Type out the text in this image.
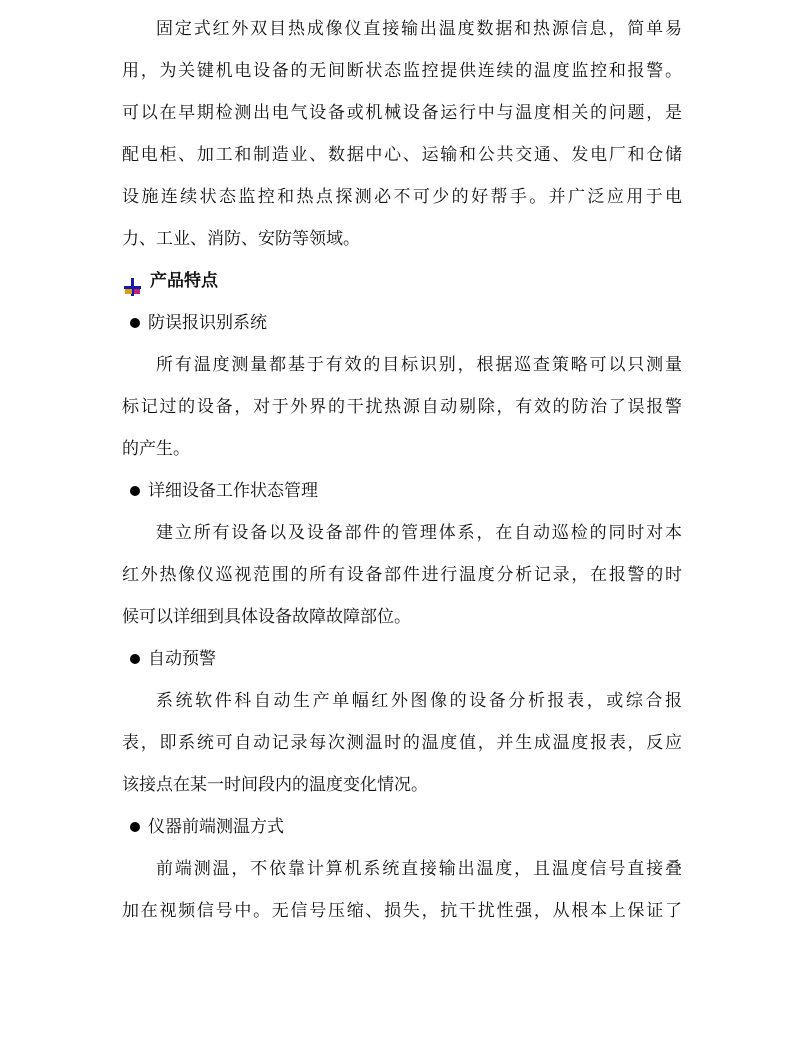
固定式红外双目热成像仪直接输出温度数据和热源信息，简单易
用，为关键机电设备的无间断状态监控提供连续的温度监控和报警。
可以在早期检测出电气设备或机械设备运行中与温度相关的问题，是
配电柜、加工和制造业、数据中心、运输和公共交通、发电厂和仓储
设施连续状态监控和热点探测必不可少的好帮手。并广泛应用于电
力、工业、消防、安防等领域。
产品特点
防误报识别系统
所有温度测量都基于有效的目标识别，根据巡查策略可以只测量
标记过的设备，对于外界的干扰热源自动剔除，有效的防治了误报警
的产生。
详细设备工作状态管理
建立所有设备以及设备部件的管理体系，在自动巡检的同时对本
红外热像仪巡视范围的所有设备部件进行温度分析记录，在报警的时
候可以详细到具体设备故障故障部位。
自动预警
系统软件科自动生产单幅红外图像的设备分析报表，或综合报
表，即系统可自动记录每次测温时的温度值，并生成温度报表，反应
该接点在某一时间段内的温度变化情况。
仪器前端测温方式
前端测温，不依靠计算机系统直接输出温度，且温度信号直接叠
加在视频信号中。无信号压缩、损失，抗干扰性强，从根本上保证了
